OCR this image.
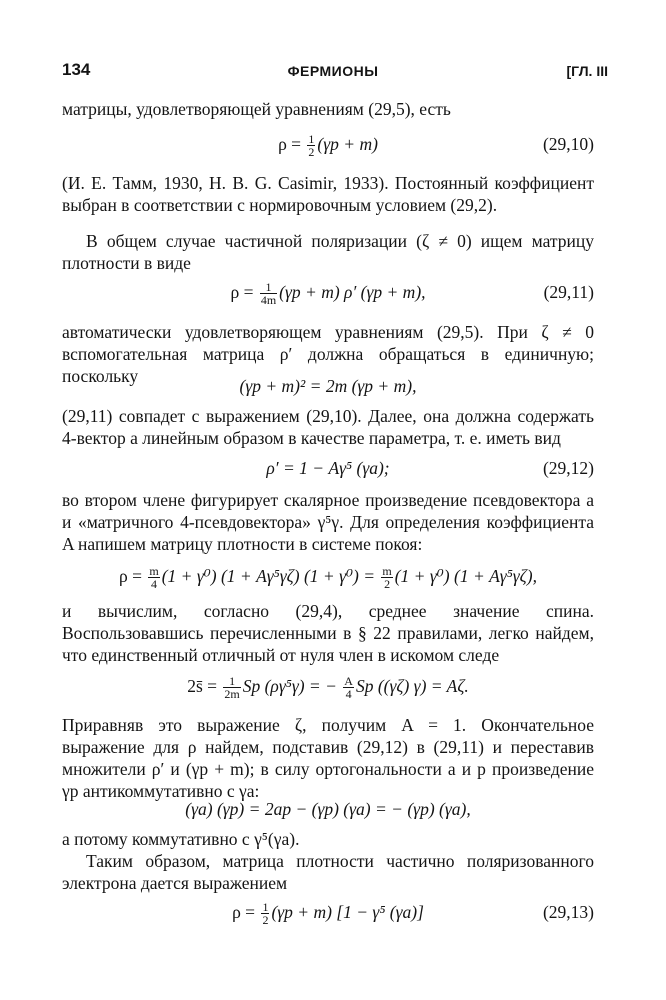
134	ФЕРМИОНЫ	[ГЛ. III
матрицы, удовлетворяющей уравнениям (29,5), есть
$\rho = \frac{1}{2} (\gamma p + m)$	(29,10)
(И. Е. Тамм, 1930, H. B. G. Casimir, 1933). Постоянный коэффициент выбран в соответствии с нормировочным условием (29,2).
В общем случае частичной поляризации (ζ ≠ 0) ищем матрицу плотности в виде
$\rho = \frac{1}{4m} (\gamma p + m)$ ρ′ (γp + m),	(29,11)
автоматически удовлетворяющем уравнениям (29,5). При ζ ≠ 0 вспомогательная матрица ρ′ должна обращаться в единичную; поскольку	(γp + m)² = 2m (γp + m),
(29,11) совпадет с выражением (29,10). Далее, она должна содержать 4-вектор a линейным образом в качестве параметра, т. е. иметь вид
ρ′ = 1 − Aγ⁵ (γa);	(29,12)
во втором члене фигурирует скалярное произведение псевдовектора a и «матричного 4-псевдовектора» γ⁵γ. Для определения коэффициента A напишем матрицу плотности в системе покоя:
$\rho = \frac{m}{4} (1 + \gamma^0) (1 + A\gamma^5\gamma\zeta) (1 + \gamma^0) = \frac{m}{2} (1 + \gamma^0) (1 + A\gamma^5\gamma\zeta)$,
и вычислим, согласно (29,4), среднее значение спина. Воспользовавшись перечисленными в § 22 правилами, легко найдем, что единственный отличный от нуля член в искомом следе
2s̄ = $\frac{1}{2m}$ Sp (ργ⁵γ) = − $\frac{A}{4}$ Sp ((γζ) γ) = Aζ.
Приравняв это выражение ζ, получим A = 1. Окончательное выражение для ρ найдем, подставив (29,12) в (29,11) и переставив множители ρ′ и (γp + m); в силу ортогональности a и p произведение γp антикоммутативно с γa:
(γa) (γp) = 2ap − (γp) (γa) = − (γp) (γa),
а потому коммутативно с γ⁵(γa).
Таким образом, матрица плотности частично поляризованного электрона дается выражением
$\rho = \frac{1}{2} (\gamma p + m) [1 - \gamma^5$ (γa)]	(29,13)
